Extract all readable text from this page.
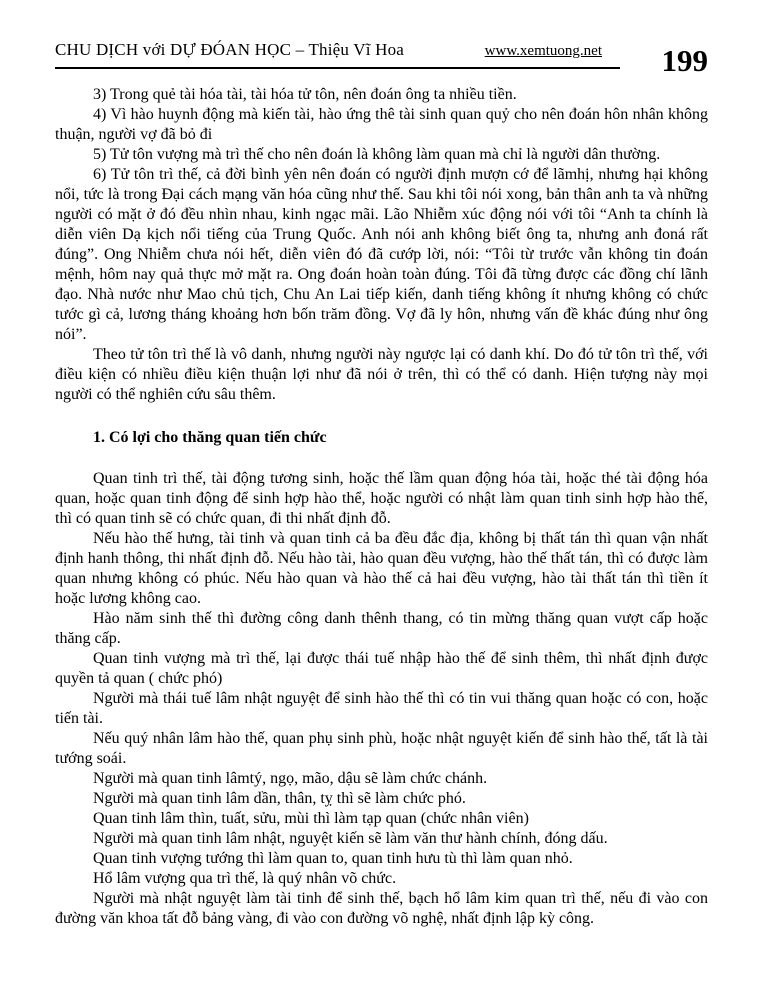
CHU DỊCH với DỰ ĐÓAN HỌC – Thiệu Vĩ Hoa	www.xemtuong.net	199

3) Trong quẻ tài hóa tài, tài hóa tử tôn, nên đoán ông ta nhiều tiền.

4) Vì hào huynh động mà kiến tài, hào ứng thê tài sinh quan quỷ cho nên đoán hôn nhân không thuận, người vợ đã bỏ đi

5) Tử tôn vượng mà trì thế cho nên đoán là không làm quan mà chỉ là người dân thường.

6) Tử tôn trì thế, cả đời bình yên nên đoán có người định mượn cớ để lãmhị, nhưng hại không nổi, tức là trong Đại cách mạng văn hóa cũng như thế. Sau khi tôi nói xong, bản thân anh ta và những người có mặt ở đó đều nhìn nhau, kinh ngạc mãi. Lão Nhiễm xúc động nói với tôi “Anh ta chính là diễn viên Dạ kịch nổi tiếng của Trung Quốc. Anh nói anh không biết ông ta, nhưng anh đoná rất đúng”. Ong Nhiễm chưa nói hết, diễn viên đó đã cướp lời, nói: “Tôi từ trước vẫn không tin đoán mệnh, hôm nay quả thực mở mặt ra. Ong đoán hoàn toàn đúng. Tôi đã từng được các đồng chí lãnh đạo. Nhà nước như Mao chủ tịch, Chu An Lai tiếp kiến, danh tiếng không ít nhưng không có chức tước gì cả, lương tháng khoảng hơn bốn trăm đồng. Vợ đã ly hôn, nhưng vấn đề khác đúng như ông nói”.

Theo tử tôn trì thế là vô danh, nhưng người này ngược lại có danh khí. Do đó tử tôn trì thế, với điều kiện có nhiều điều kiện thuận lợi như đã nói ở trên, thì có thể có danh. Hiện tượng này mọi người có thể nghiên cứu sâu thêm.

1. Có lợi cho thăng quan tiến chức

Quan tinh trì thế, tài động tương sinh, hoặc thế lầm quan động hóa tài, hoặc thé tài động hóa quan, hoặc quan tinh động để sinh hợp hào thể, hoặc người có nhật làm quan tinh sinh hợp hào thế, thì có quan tinh sẽ có chức quan, đi thi nhất định đỗ.

Nếu hào thế hưng, tài tinh và quan tinh cả ba đều đắc địa, không bị thất tán thì quan vận nhất định hanh thông, thi nhất định đỗ. Nếu hào tài, hào quan đều vượng, hào thế thất tán, thì có được làm quan nhưng không có phúc. Nếu hào quan và hào thế cả hai đều vượng, hào tài thất tán thì tiền ít hoặc lương không cao.

Hào năm sinh thế thì đường công danh thênh thang, có tin mừng thăng quan vượt cấp hoặc thăng cấp.

Quan tinh vượng mà trì thế, lại được thái tuế nhập hào thế để sinh thêm, thì nhất định được quyền tả quan ( chức phó)

Người mà thái tuế lâm nhật nguyệt để sinh hào thế thì có tin vui thăng quan hoặc có con, hoặc tiến tài.

Nếu quý nhân lâm hào thế, quan phụ sinh phù, hoặc nhật nguyệt kiến để sinh hào thế, tất là tài tướng soái.

Người mà quan tinh lâmtý, ngọ, mão, dậu sẽ làm chức chánh.

Người mà quan tinh lâm dần, thân, tỵ thì sẽ làm chức phó.

Quan tinh lâm thìn, tuất, sửu, mùi thì làm tạp quan (chức nhân viên)

Người mà quan tinh lâm nhật, nguyệt kiến sẽ làm văn thư hành chính, đóng dấu.

Quan tinh vượng tướng thì làm quan to, quan tinh hưu tù thì làm quan nhỏ.

Hổ lâm vượng qua trì thế, là quý nhân võ chức.

Người mà nhật nguyệt làm tài tinh để sinh thế, bạch hổ lâm kim quan trì thế, nếu đi vào con đường văn khoa tất đỗ bảng vàng, đi vào con đường võ nghệ, nhất định lập kỳ công.
